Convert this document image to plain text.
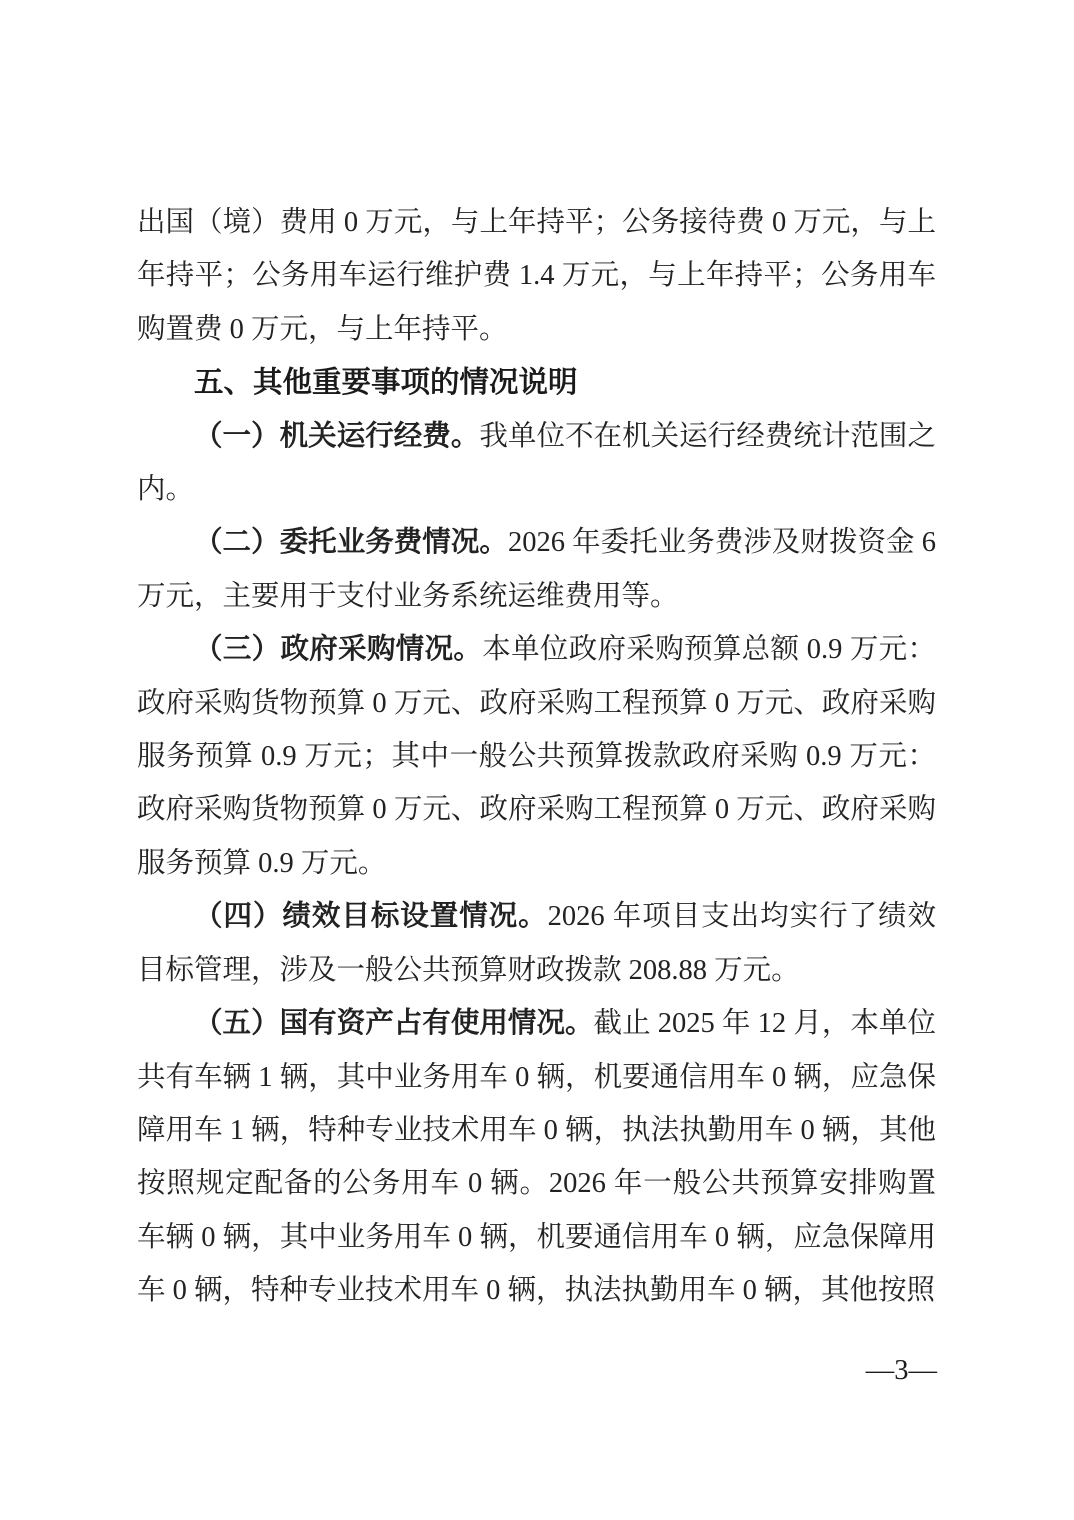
出国（境）费用 0 万元，与上年持平；公务接待费 0 万元，与上年持平；公务用车运行维护费 1.4 万元，与上年持平；公务用车购置费 0 万元，与上年持平。

五、其他重要事项的情况说明

（一）机关运行经费。我单位不在机关运行经费统计范围之内。

（二）委托业务费情况。2026 年委托业务费涉及财拨资金 6 万元，主要用于支付业务系统运维费用等。

（三）政府采购情况。本单位政府采购预算总额 0.9 万元：政府采购货物预算 0 万元、政府采购工程预算 0 万元、政府采购服务预算 0.9 万元；其中一般公共预算拨款政府采购 0.9 万元：政府采购货物预算 0 万元、政府采购工程预算 0 万元、政府采购服务预算 0.9 万元。

（四）绩效目标设置情况。2026 年项目支出均实行了绩效目标管理，涉及一般公共预算财政拨款 208.88 万元。

（五）国有资产占有使用情况。截止 2025 年 12 月，本单位共有车辆 1 辆，其中业务用车 0 辆，机要通信用车 0 辆，应急保障用车 1 辆，特种专业技术用车 0 辆，执法执勤用车 0 辆，其他按照规定配备的公务用车 0 辆。2026 年一般公共预算安排购置车辆 0 辆，其中业务用车 0 辆，机要通信用车 0 辆，应急保障用车 0 辆，特种专业技术用车 0 辆，执法执勤用车 0 辆，其他按照

—3—
